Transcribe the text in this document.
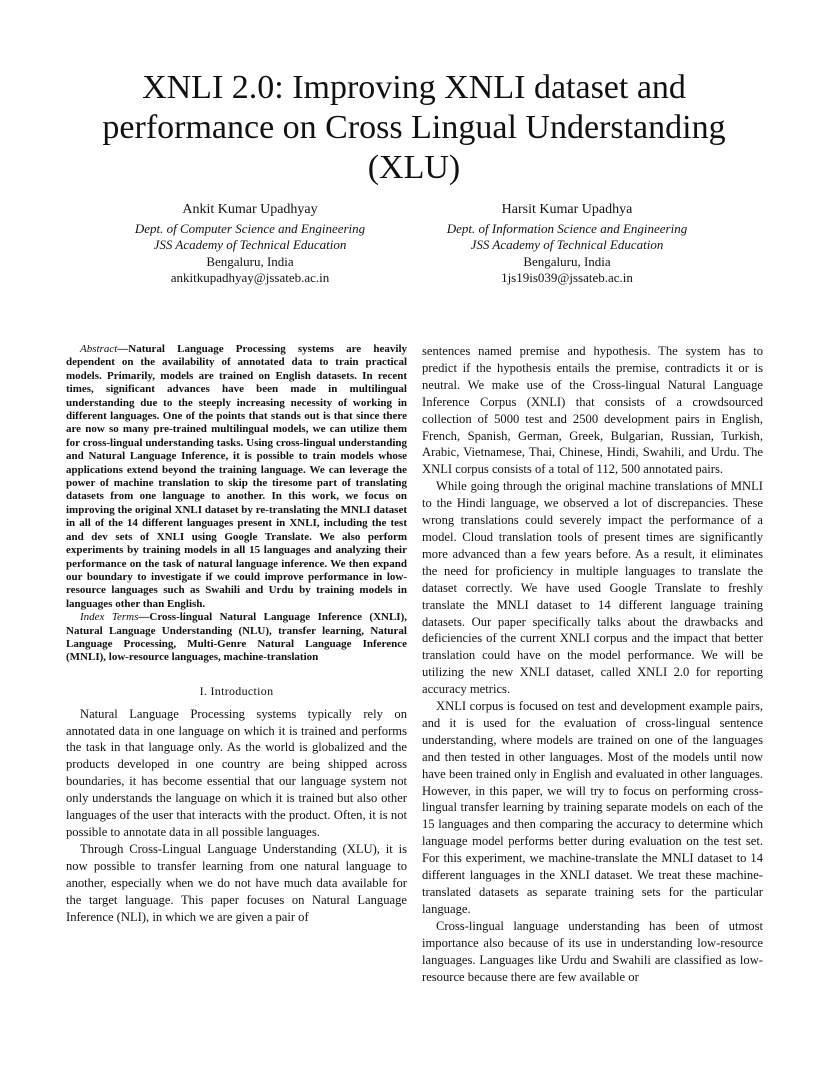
XNLI 2.0: Improving XNLI dataset and performance on Cross Lingual Understanding (XLU)
Ankit Kumar Upadhyay
Dept. of Computer Science and Engineering
JSS Academy of Technical Education
Bengaluru, India
ankitkupadhyay@jssateb.ac.in
Harsit Kumar Upadhya
Dept. of Information Science and Engineering
JSS Academy of Technical Education
Bengaluru, India
1js19is039@jssateb.ac.in

Abstract—Natural Language Processing systems are heavily dependent on the availability of annotated data to train practical models. Primarily, models are trained on English datasets. In recent times, significant advances have been made in multilingual understanding due to the steeply increasing necessity of working in different languages. One of the points that stands out is that since there are now so many pre-trained multilingual models, we can utilize them for cross-lingual understanding tasks. Using cross-lingual understanding and Natural Language Inference, it is possible to train models whose applications extend beyond the training language. We can leverage the power of machine translation to skip the tiresome part of translating datasets from one language to another. In this work, we focus on improving the original XNLI dataset by re-translating the MNLI dataset in all of the 14 different languages present in XNLI, including the test and dev sets of XNLI using Google Translate. We also perform experiments by training models in all 15 languages and analyzing their performance on the task of natural language inference. We then expand our boundary to investigate if we could improve performance in low-resource languages such as Swahili and Urdu by training models in languages other than English.

Index Terms—Cross-lingual Natural Language Inference (XNLI), Natural Language Understanding (NLU), transfer learning, Natural Language Processing, Multi-Genre Natural Language Inference (MNLI), low-resource languages, machine-translation

I. Introduction

Natural Language Processing systems typically rely on annotated data in one language on which it is trained and performs the task in that language only. As the world is globalized and the products developed in one country are being shipped across boundaries, it has become essential that our language system not only understands the language on which it is trained but also other languages of the user that interacts with the product. Often, it is not possible to annotate data in all possible languages.

Through Cross-Lingual Language Understanding (XLU), it is now possible to transfer learning from one natural language to another, especially when we do not have much data available for the target language. This paper focuses on Natural Language Inference (NLI), in which we are given a pair of

sentences named premise and hypothesis. The system has to predict if the hypothesis entails the premise, contradicts it or is neutral. We make use of the Cross-lingual Natural Language Inference Corpus (XNLI) that consists of a crowdsourced collection of 5000 test and 2500 development pairs in English, French, Spanish, German, Greek, Bulgarian, Russian, Turkish, Arabic, Vietnamese, Thai, Chinese, Hindi, Swahili, and Urdu. The XNLI corpus consists of a total of 112, 500 annotated pairs.

While going through the original machine translations of MNLI to the Hindi language, we observed a lot of discrepancies. These wrong translations could severely impact the performance of a model. Cloud translation tools of present times are significantly more advanced than a few years before. As a result, it eliminates the need for proficiency in multiple languages to translate the dataset correctly. We have used Google Translate to freshly translate the MNLI dataset to 14 different language training datasets. Our paper specifically talks about the drawbacks and deficiencies of the current XNLI corpus and the impact that better translation could have on the model performance. We will be utilizing the new XNLI dataset, called XNLI 2.0 for reporting accuracy metrics.

XNLI corpus is focused on test and development example pairs, and it is used for the evaluation of cross-lingual sentence understanding, where models are trained on one of the languages and then tested in other languages. Most of the models until now have been trained only in English and evaluated in other languages. However, in this paper, we will try to focus on performing cross-lingual transfer learning by training separate models on each of the 15 languages and then comparing the accuracy to determine which language model performs better during evaluation on the test set. For this experiment, we machine-translate the MNLI dataset to 14 different languages in the XNLI dataset. We treat these machine-translated datasets as separate training sets for the particular language.

Cross-lingual language understanding has been of utmost importance also because of its use in understanding low-resource languages. Languages like Urdu and Swahili are classified as low-resource because there are few available or
